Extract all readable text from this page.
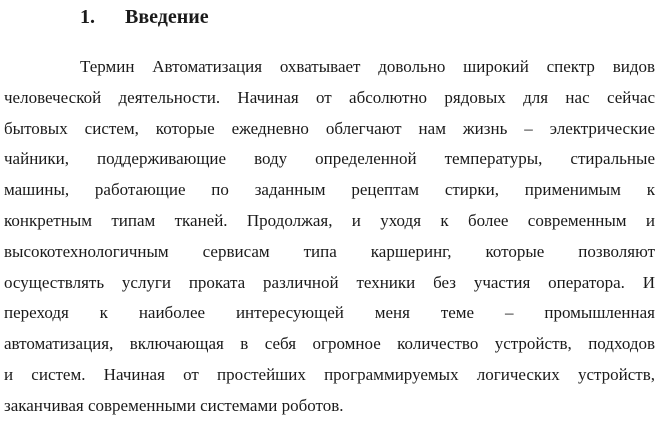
1. Введение

Термин Автоматизация охватывает довольно широкий спектр видов
человеческой деятельности. Начиная от абсолютно рядовых для нас сейчас
бытовых систем, которые ежедневно облегчают нам жизнь – электрические
чайники, поддерживающие воду определенной температуры, стиральные
машины, работающие по заданным рецептам стирки, применимым к
конкретным типам тканей. Продолжая, и уходя к более современным и
высокотехнологичным сервисам типа каршеринг, которые позволяют
осуществлять услуги проката различной техники без участия оператора. И
переходя к наиболее интересующей меня теме – промышленная
автоматизация, включающая в себя огромное количество устройств, подходов
и систем. Начиная от простейших программируемых логических устройств,
заканчивая современными системами роботов.
